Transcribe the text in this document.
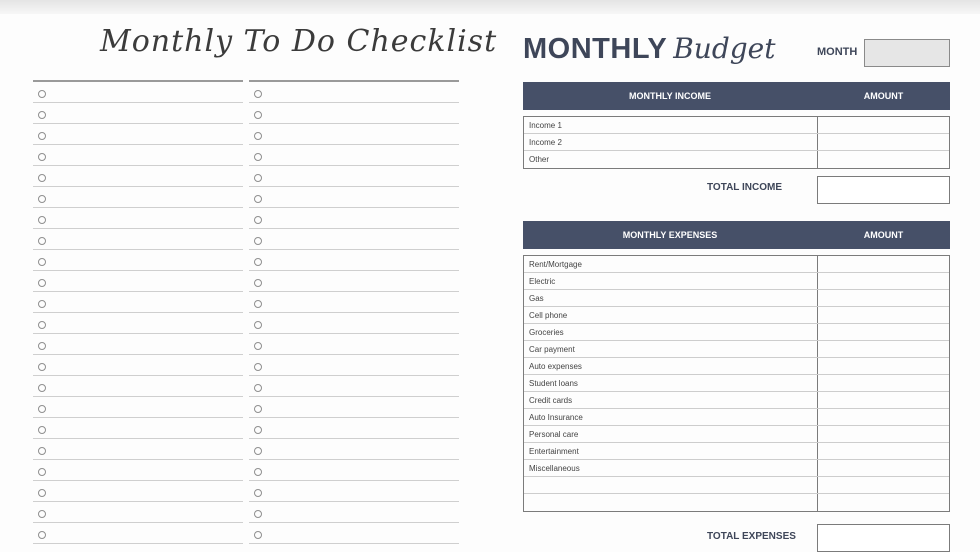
Monthly To Do Checklist MONTHLY Budget	MONTH
MONTHLY INCOME	AMOUNT
Income 1
Income 2
Other
TOTAL INCOME
MONTHLY EXPENSES	AMOUNT
Rent/Mortgage
Electric
Gas
Cell phone
Groceries
Car payment
Auto expenses
Student loans
Credit cards
Auto Insurance
Personal care
Entertainment
Miscellaneous
TOTAL EXPENSES
